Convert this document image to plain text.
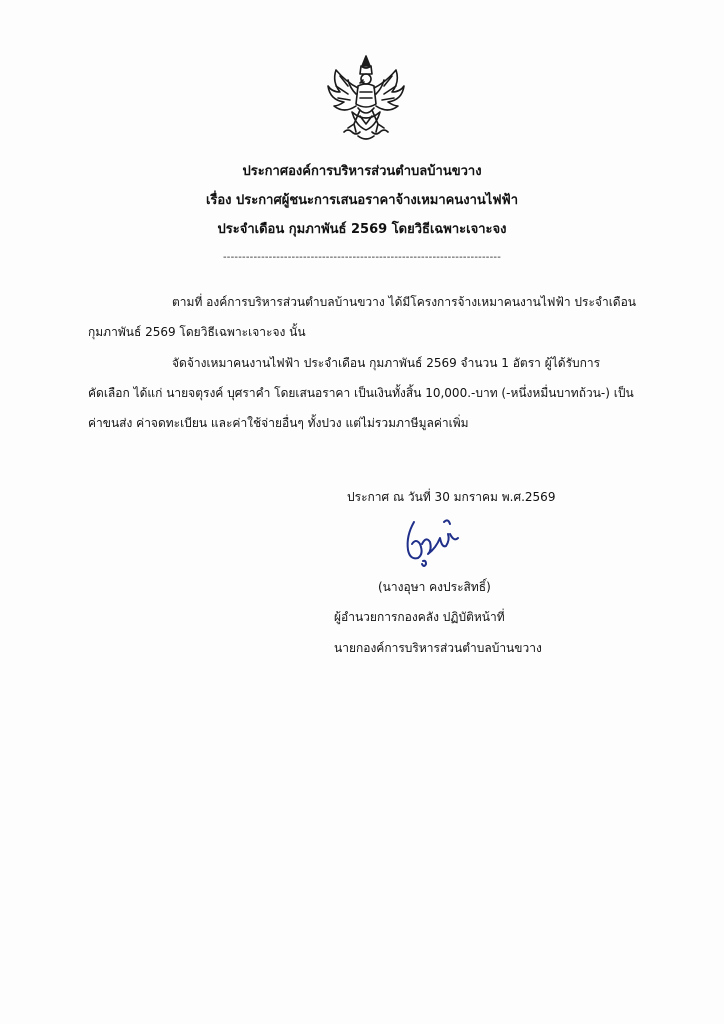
ประกาศองค์การบริหารส่วนตำบลบ้านขวาง
เรื่อง ประกาศผู้ชนะการเสนอราคาจ้างเหมาคนงานไฟฟ้า
ประจำเดือน กุมภาพันธ์ 2569 โดยวิธีเฉพาะเจาะจง
-------------------------------------------------------------------------
ตามที่ องค์การบริหารส่วนตำบลบ้านขวาง ได้มีโครงการจ้างเหมาคนงานไฟฟ้า ประจำเดือน
กุมภาพันธ์ 2569 โดยวิธีเฉพาะเจาะจง นั้น
จัดจ้างเหมาคนงานไฟฟ้า ประจำเดือน กุมภาพันธ์ 2569 จำนวน 1 อัตรา ผู้ได้รับการ
คัดเลือก ได้แก่ นายจตุรงค์ บุศราคำ โดยเสนอราคา เป็นเงินทั้งสิ้น 10,000.-บาท (-หนึ่งหมื่นบาทถ้วน-) เป็น
ค่าขนส่ง ค่าจดทะเบียน และค่าใช้จ่ายอื่นๆ ทั้งปวง แต่ไม่รวมภาษีมูลค่าเพิ่ม
ประกาศ ณ วันที่ 30 มกราคม พ.ศ.2569
(นางอุษา คงประสิทธิ์)
ผู้อำนวยการกองคลัง ปฏิบัติหน้าที่
นายกองค์การบริหารส่วนตำบลบ้านขวาง
